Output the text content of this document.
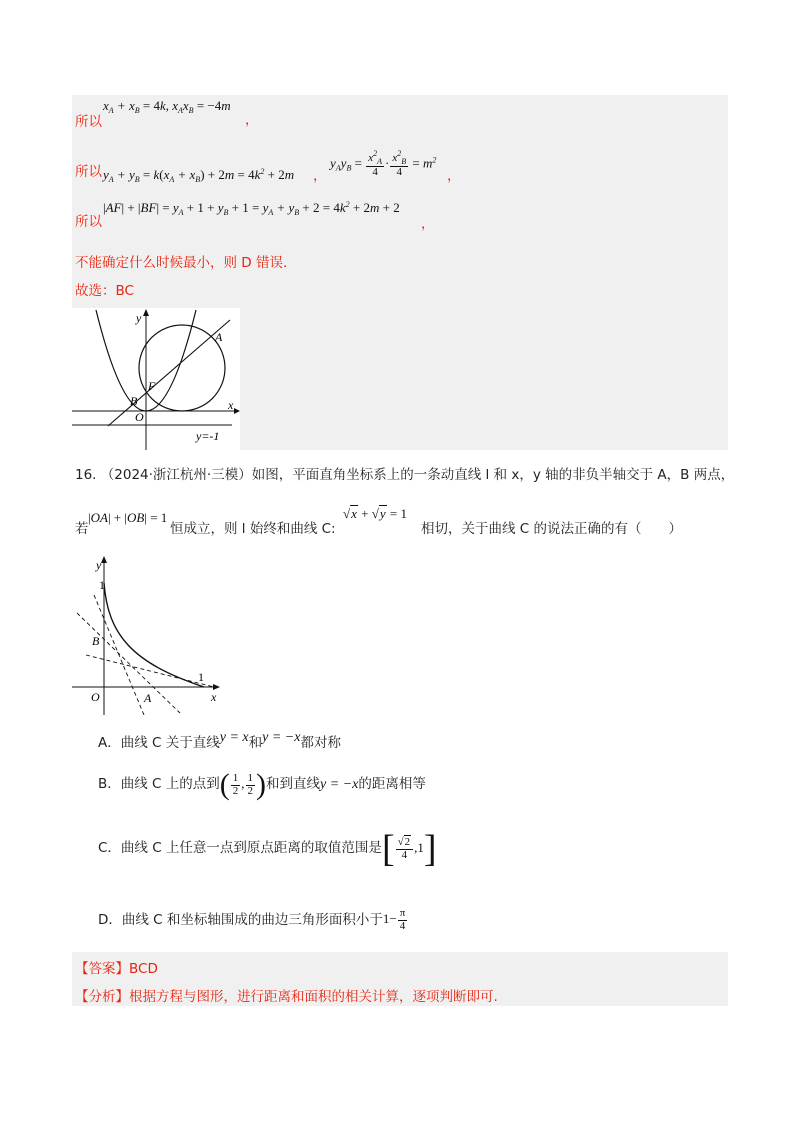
所以
$x_A + x_B = 4k$, $x_Ax_B = -4m$
，
所以 $y_A + y_B = k(x_A + x_B) + 2m = 4k^2 + 2m$ ，
$y_Ay_B = \frac{x^2_A}{4} \cdot \frac{x^2_B}{4} = m^2$
，
所以
$|AF| + |BF| = y_A + 1 + y_B + 1 = y_A + y_B + 2 = 4k^2 + 2m + 2$
，
不能确定什么时候最小，则 D 错误.
故选：BC
y
x
A
F
B
O
y=-1
16. （2024·浙江杭州·三模）如图，平面直角坐标系上的一条动直线 l 和 x，y 轴的非负半轴交于 A，B 两点，
若
|OA| + |OB| = 1
恒成立，则 l 始终和曲线 C:
√x + √y = 1
相切，关于曲线 C 的说法正确的有（　　）
y
x
1
1
B
A
O
A．曲线 C 关于直线y = x和y = −x都对称
B．曲线 C 上的点到( $\frac{1}{2}$ , $\frac{1}{2}$ )和到直线y = −x的距离相等
C．曲线 C 上任意一点到原点距离的取值范围是[ $\frac{√2}{4} ,1$]
D．曲线 C 和坐标轴围成的曲边三角形面积小于$1- \frac{\pi}{4}$
【答案】BCD
【分析】根据方程与图形，进行距离和面积的相关计算，逐项判断即可.
